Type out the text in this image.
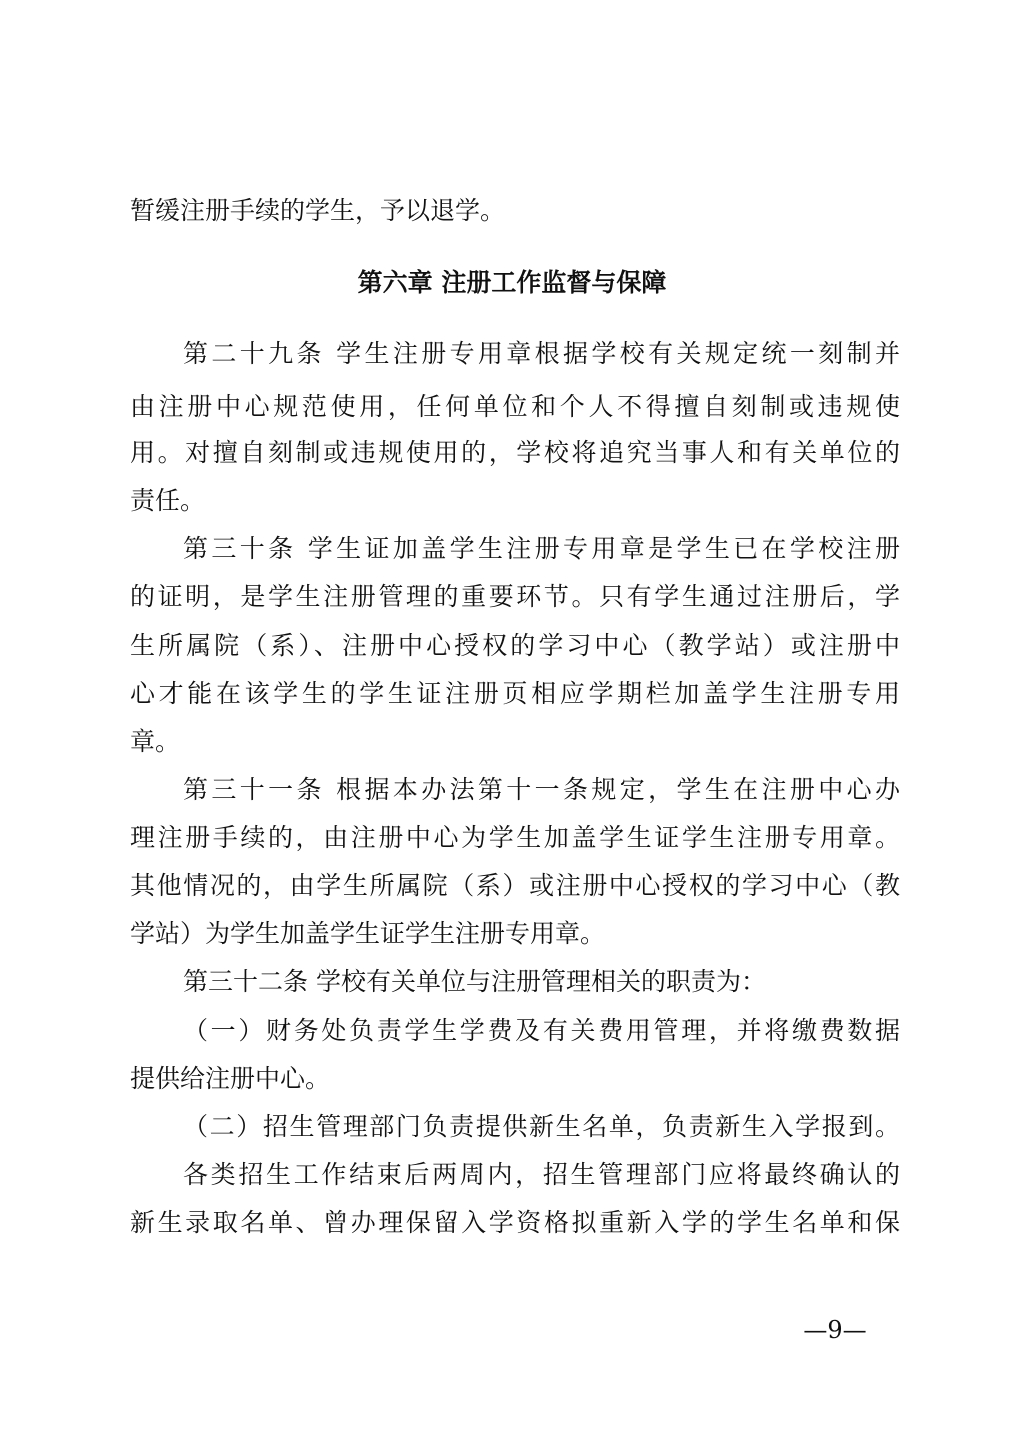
暂缓注册手续的学生，予以退学。
第六章 注册工作监督与保障
第二十九条 学生注册专用章根据学校有关规定统一刻制并
由注册中心规范使用，任何单位和个人不得擅自刻制或违规使
用。对擅自刻制或违规使用的，学校将追究当事人和有关单位的
责任。
第三十条 学生证加盖学生注册专用章是学生已在学校注册
的证明，是学生注册管理的重要环节。只有学生通过注册后，学
生所属院（系）、注册中心授权的学习中心（教学站）或注册中
心才能在该学生的学生证注册页相应学期栏加盖学生注册专用
章。
第三十一条 根据本办法第十一条规定，学生在注册中心办
理注册手续的，由注册中心为学生加盖学生证学生注册专用章。
其他情况的，由学生所属院（系）或注册中心授权的学习中心（教
学站）为学生加盖学生证学生注册专用章。
第三十二条 学校有关单位与注册管理相关的职责为：
（一）财务处负责学生学费及有关费用管理，并将缴费数据
提供给注册中心。
（二）招生管理部门负责提供新生名单，负责新生入学报到。
各类招生工作结束后两周内，招生管理部门应将最终确认的
新生录取名单、曾办理保留入学资格拟重新入学的学生名单和保
—9—
